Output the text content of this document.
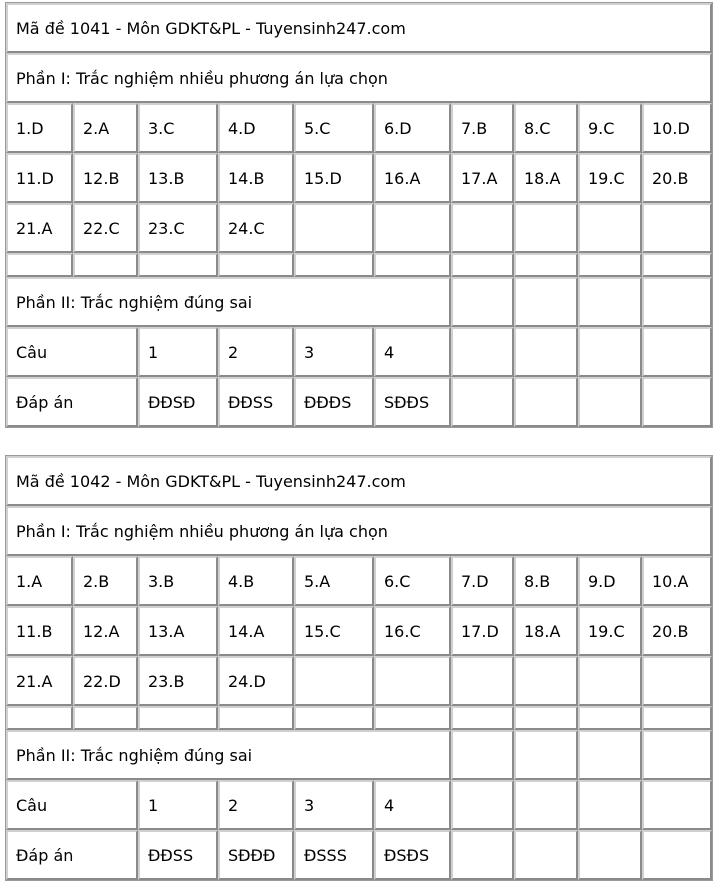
Mã đề 1041 - Môn GDKT&PL - Tuyensinh247.com									
Phần I: Trắc nghiệm nhiều phương án lựa chọn									
1.D	2.A	3.C	4.D	5.C	6.D	7.B	8.C	9.C	10.D
11.D	12.B	13.B	14.B	15.D	16.A	17.A	18.A	19.C	20.B
21.A	22.C	23.C	24.C						

Phần II: Trắc nghiệm đúng sai									
Câu		1	2	3	4				
Đáp án		ĐĐSĐ	ĐĐSS	ĐĐĐS	SĐĐS				
Mã đề 1042 - Môn GDKT&PL - Tuyensinh247.com									
Phần I: Trắc nghiệm nhiều phương án lựa chọn									
1.A	2.B	3.B	4.B	5.A	6.C	7.D	8.B	9.D	10.A
11.B	12.A	13.A	14.A	15.C	16.C	17.D	18.A	19.C	20.B
21.A	22.D	23.B	24.D						

Phần II: Trắc nghiệm đúng sai									
Câu		1	2	3	4				
Đáp án		ĐĐSS	SĐĐĐ	ĐSSS	ĐSĐS				
